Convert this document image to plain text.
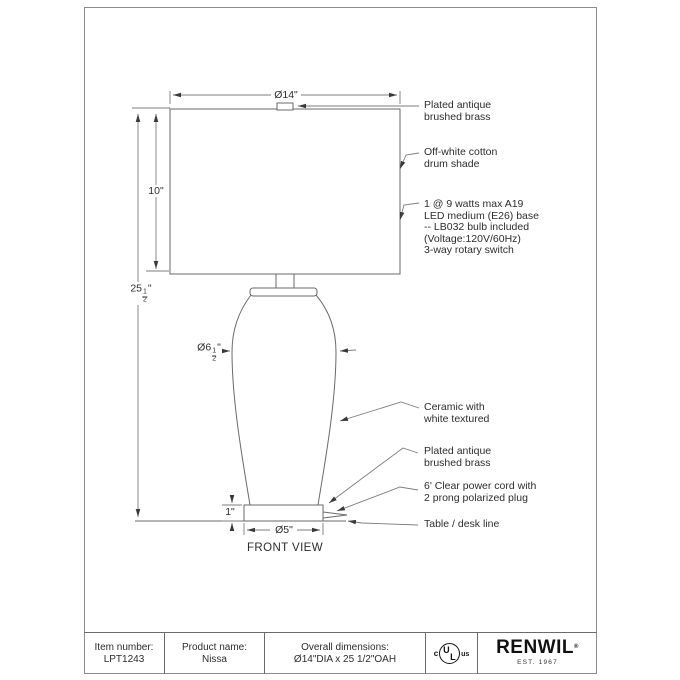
Ø14"
10"
25
$\frac{1}{2}$
"
Ø6
$\frac{1}{2}$
"
1"
Ø5"
Plated antique
brushed brass
Off-white cotton
drum shade
1 @ 9 watts max A19
LED medium (E26) base
-- LB032 bulb included
(Voltage:120V/60Hz)
3-way rotary switch
Ceramic with
white textured
Plated antique
brushed brass
6' Clear power cord with
2 prong polarized plug
Table / desk line
FRONT VIEW
Item number:
LPT1243
Product name:
Nissa
Overall dimensions:
Ø14"DIA x 25 1/2"OAH
c U
L us RENWIL®
EST. 1967
